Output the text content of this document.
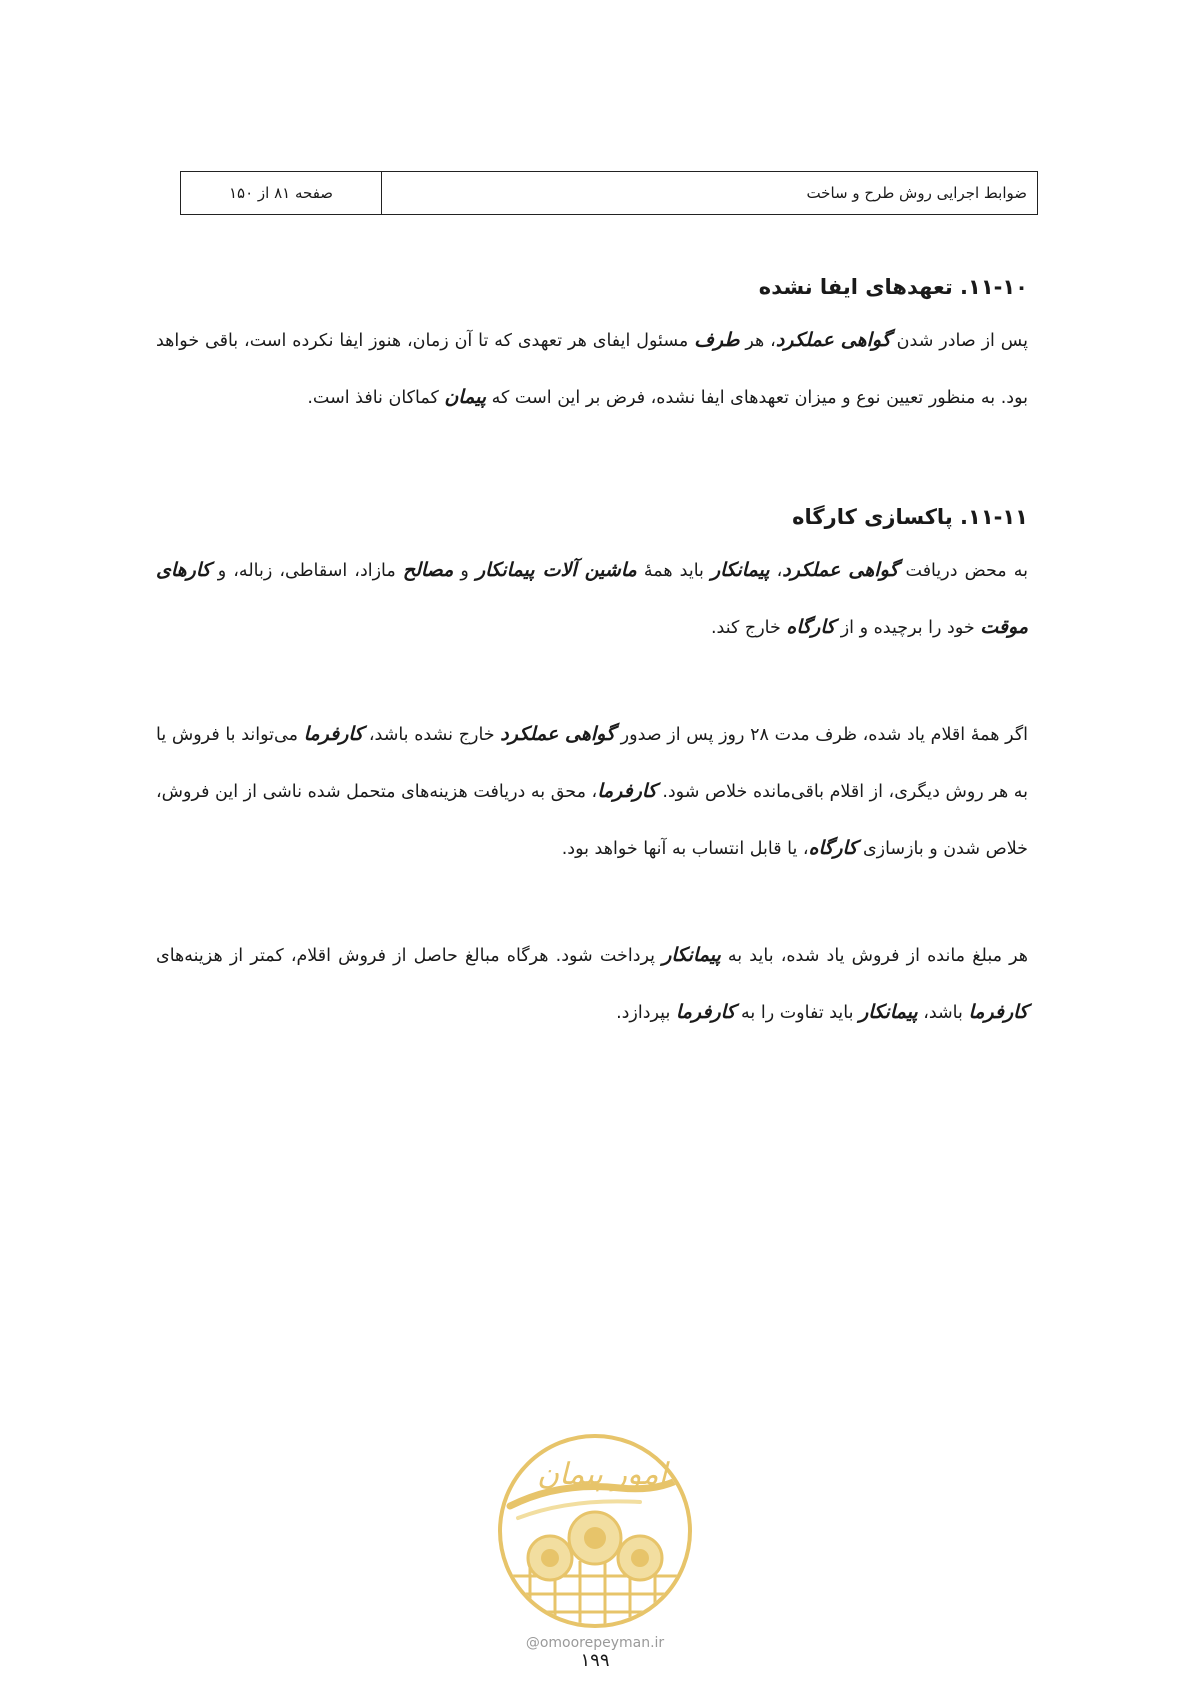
ضوابط اجرایی روش طرح و ساخت
صفحه ۸۱ از ۱۵۰
۱۱-۱۰. تعهدهای ایفا نشده

پس از صادر شدن گواهی عملکرد، هر طرف مسئول ایفای هر تعهدی که تا آن زمان، هنوز ایفا نکرده است، باقی خواهد بود. به منظور تعیین نوع و میزان تعهدهای ایفا نشده، فرض بر این است که پیمان کماکان نافذ است.

۱۱-۱۱. پاکسازی کارگاه

به محض دریافت گواهی عملکرد، پیمانکار باید همهٔ ماشین آلات پیمانکار و مصالح مازاد، اسقاطی، زباله، و کارهای موقت خود را برچیده و از کارگاه خارج کند.

اگر همهٔ اقلام یاد شده، ظرف مدت ۲۸ روز پس از صدور گواهی عملکرد خارج نشده باشد، کارفرما می‌تواند با فروش یا به هر روش دیگری، از اقلام باقی‌مانده خلاص شود. کارفرما، محق به دریافت هزینه‌های متحمل شده ناشی از این فروش، خلاص شدن و بازسازی کارگاه، یا قابل انتساب به آنها خواهد بود.

هر مبلغ مانده از فروش یاد شده، باید به پیمانکار پرداخت شود. هرگاه مبالغ حاصل از فروش اقلام، کمتر از هزینه‌های کارفرما باشد، پیمانکار باید تفاوت را به کارفرما بپردازد.

امور پیمان
@omoorepeyman.ir
۱۹۹
